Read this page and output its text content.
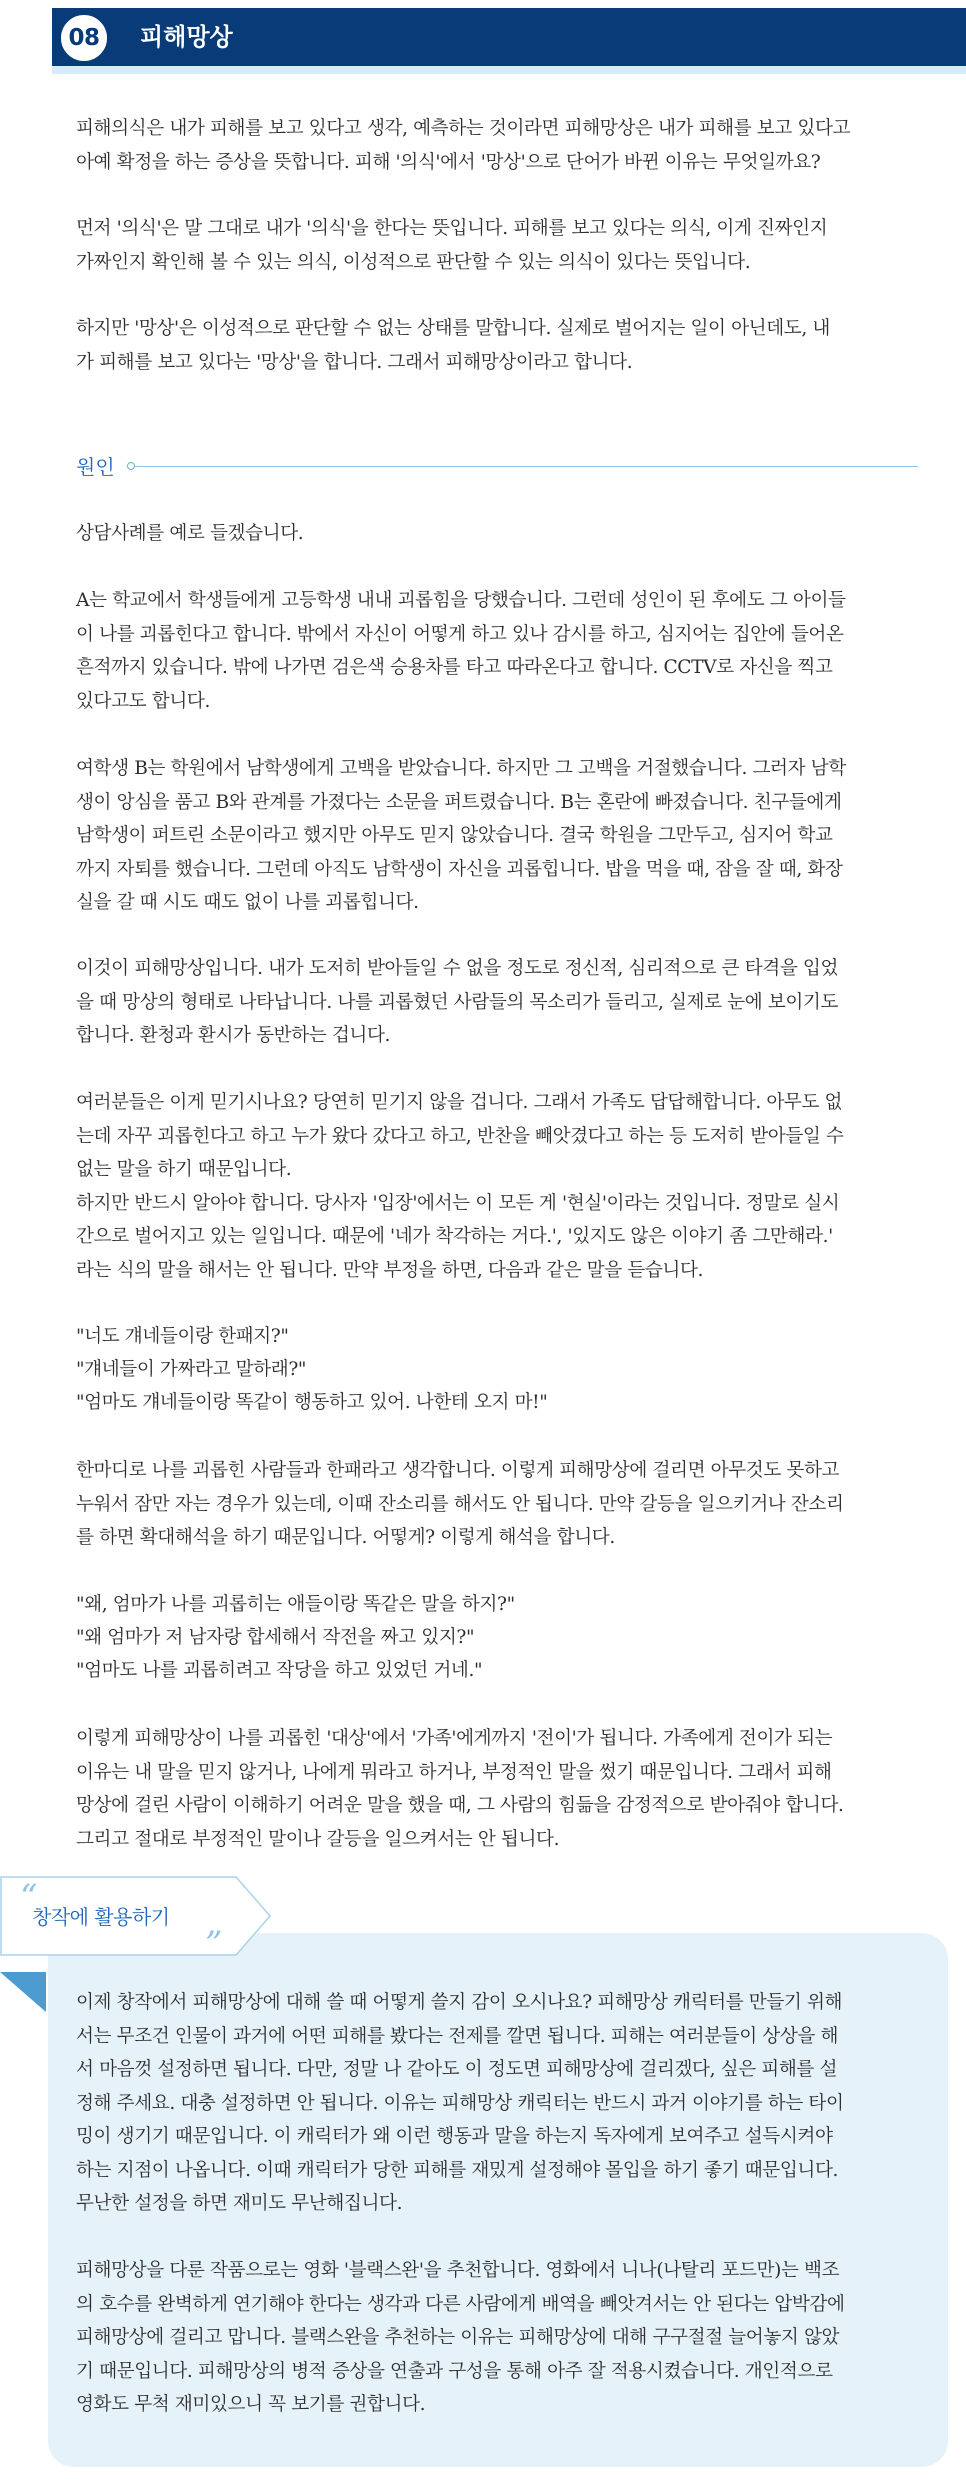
08	피해망상

피해의식은 내가 피해를 보고 있다고 생각, 예측하는 것이라면 피해망상은 내가 피해를 보고 있다고
아예 확정을 하는 증상을 뜻합니다. 피해 '의식'에서 '망상'으로 단어가 바뀐 이유는 무엇일까요?

먼저 '의식'은 말 그대로 내가 '의식'을 한다는 뜻입니다. 피해를 보고 있다는 의식, 이게 진짜인지
가짜인지 확인해 볼 수 있는 의식, 이성적으로 판단할 수 있는 의식이 있다는 뜻입니다.

하지만 '망상'은 이성적으로 판단할 수 없는 상태를 말합니다. 실제로 벌어지는 일이 아닌데도, 내
가 피해를 보고 있다는 '망상'을 합니다. 그래서 피해망상이라고 합니다.

원인

상담사례를 예로 들겠습니다.

A는 학교에서 학생들에게 고등학생 내내 괴롭힘을 당했습니다. 그런데 성인이 된 후에도 그 아이들
이 나를 괴롭힌다고 합니다. 밖에서 자신이 어떻게 하고 있나 감시를 하고, 심지어는 집안에 들어온
흔적까지 있습니다. 밖에 나가면 검은색 승용차를 타고 따라온다고 합니다. CCTV로 자신을 찍고
있다고도 합니다.

여학생 B는 학원에서 남학생에게 고백을 받았습니다. 하지만 그 고백을 거절했습니다. 그러자 남학
생이 앙심을 품고 B와 관계를 가졌다는 소문을 퍼트렸습니다. B는 혼란에 빠졌습니다. 친구들에게
남학생이 퍼트린 소문이라고 했지만 아무도 믿지 않았습니다. 결국 학원을 그만두고, 심지어 학교
까지 자퇴를 했습니다. 그런데 아직도 남학생이 자신을 괴롭힙니다. 밥을 먹을 때, 잠을 잘 때, 화장
실을 갈 때 시도 때도 없이 나를 괴롭힙니다.

이것이 피해망상입니다. 내가 도저히 받아들일 수 없을 정도로 정신적, 심리적으로 큰 타격을 입었
을 때 망상의 형태로 나타납니다. 나를 괴롭혔던 사람들의 목소리가 들리고, 실제로 눈에 보이기도
합니다. 환청과 환시가 동반하는 겁니다.

여러분들은 이게 믿기시나요? 당연히 믿기지 않을 겁니다. 그래서 가족도 답답해합니다. 아무도 없
는데 자꾸 괴롭힌다고 하고 누가 왔다 갔다고 하고, 반찬을 빼앗겼다고 하는 등 도저히 받아들일 수
없는 말을 하기 때문입니다.
하지만 반드시 알아야 합니다. 당사자 '입장'에서는 이 모든 게 '현실'이라는 것입니다. 정말로 실시
간으로 벌어지고 있는 일입니다. 때문에 '네가 착각하는 거다.', '있지도 않은 이야기 좀 그만해라.'
라는 식의 말을 해서는 안 됩니다. 만약 부정을 하면, 다음과 같은 말을 듣습니다.

"너도 걔네들이랑 한패지?"

"걔네들이 가짜라고 말하래?"

"엄마도 걔네들이랑 똑같이 행동하고 있어. 나한테 오지 마!"

한마디로 나를 괴롭힌 사람들과 한패라고 생각합니다. 이렇게 피해망상에 걸리면 아무것도 못하고
누워서 잠만 자는 경우가 있는데, 이때 잔소리를 해서도 안 됩니다. 만약 갈등을 일으키거나 잔소리
를 하면 확대해석을 하기 때문입니다. 어떻게? 이렇게 해석을 합니다.

"왜, 엄마가 나를 괴롭히는 애들이랑 똑같은 말을 하지?"

"왜 엄마가 저 남자랑 합세해서 작전을 짜고 있지?"

"엄마도 나를 괴롭히려고 작당을 하고 있었던 거네."

이렇게 피해망상이 나를 괴롭힌 '대상'에서 '가족'에게까지 '전이'가 됩니다. 가족에게 전이가 되는
이유는 내 말을 믿지 않거나, 나에게 뭐라고 하거나, 부정적인 말을 썼기 때문입니다. 그래서 피해
망상에 걸린 사람이 이해하기 어려운 말을 했을 때, 그 사람의 힘듦을 감정적으로 받아줘야 합니다.
그리고 절대로 부정적인 말이나 갈등을 일으켜서는 안 됩니다.

“
”
창작에 활용하기

이제 창작에서 피해망상에 대해 쓸 때 어떻게 쓸지 감이 오시나요? 피해망상 캐릭터를 만들기 위해
서는 무조건 인물이 과거에 어떤 피해를 봤다는 전제를 깔면 됩니다. 피해는 여러분들이 상상을 해
서 마음껏 설정하면 됩니다. 다만, 정말 나 같아도 이 정도면 피해망상에 걸리겠다, 싶은 피해를 설
정해 주세요. 대충 설정하면 안 됩니다. 이유는 피해망상 캐릭터는 반드시 과거 이야기를 하는 타이
밍이 생기기 때문입니다. 이 캐릭터가 왜 이런 행동과 말을 하는지 독자에게 보여주고 설득시켜야
하는 지점이 나옵니다. 이때 캐릭터가 당한 피해를 재밌게 설정해야 몰입을 하기 좋기 때문입니다.
무난한 설정을 하면 재미도 무난해집니다.

피해망상을 다룬 작품으로는 영화 '블랙스완'을 추천합니다. 영화에서 니나(나탈리 포드만)는 백조
의 호수를 완벽하게 연기해야 한다는 생각과 다른 사람에게 배역을 빼앗겨서는 안 된다는 압박감에
피해망상에 걸리고 맙니다. 블랙스완을 추천하는 이유는 피해망상에 대해 구구절절 늘어놓지 않았
기 때문입니다. 피해망상의 병적 증상을 연출과 구성을 통해 아주 잘 적용시켰습니다. 개인적으로
영화도 무척 재미있으니 꼭 보기를 권합니다.
